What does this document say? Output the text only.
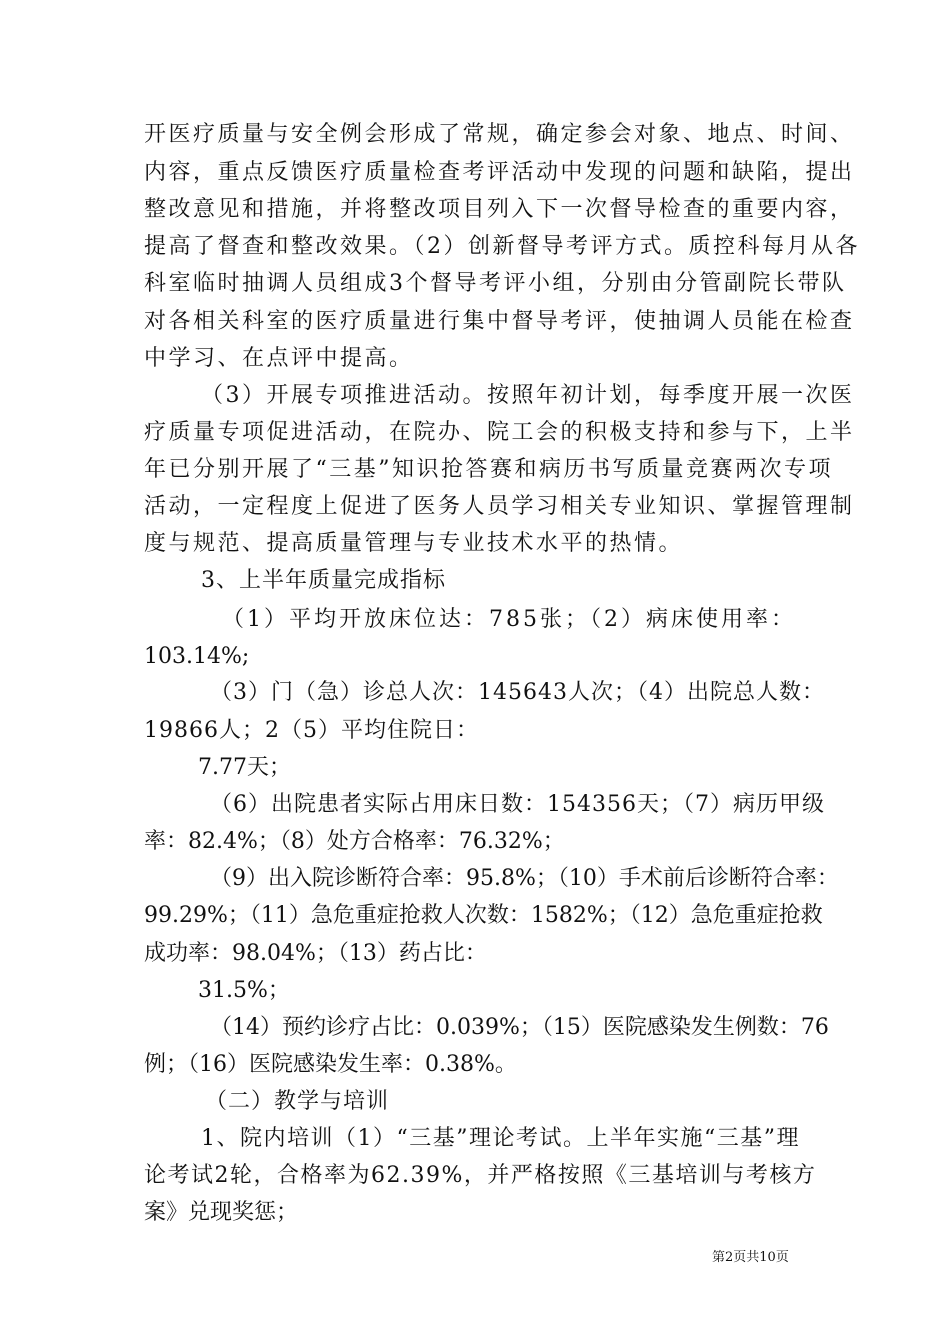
开医疗质量与安全例会形成了常规，确定参会对象、地点、时间、
内容，重点反馈医疗质量检查考评活动中发现的问题和缺陷，提出
整改意见和措施，并将整改项目列入下一次督导检查的重要内容，
提高了督查和整改效果。（2）创新督导考评方式。质控科每月从各
科室临时抽调人员组成3个督导考评小组，分别由分管副院长带队
对各相关科室的医疗质量进行集中督导考评，使抽调人员能在检查
中学习、在点评中提高。
（3）开展专项推进活动。按照年初计划，每季度开展一次医
疗质量专项促进活动，在院办、院工会的积极支持和参与下，上半
年已分别开展了“三基”知识抢答赛和病历书写质量竞赛两次专项
活动，一定程度上促进了医务人员学习相关专业知识、掌握管理制
度与规范、提高质量管理与专业技术水平的热情。
3、上半年质量完成指标
（1）平均开放床位达：785张；（2）病床使用率：
103.14%;
（3）门（急）诊总人次：145643人次；（4）出院总人数：
19866人；2（5）平均住院日：
7.77天；
（6）出院患者实际占用床日数：154356天；（7）病历甲级
率：82.4%；（8）处方合格率：76.32%；
（9）出入院诊断符合率：95.8%；（10）手术前后诊断符合率：
99.29%；（11）急危重症抢救人次数：1582%；（12）急危重症抢救
成功率：98.04%；（13）药占比：
31.5%；
（14）预约诊疗占比：0.039%；（15）医院感染发生例数：76
例；（16）医院感染发生率：0.38%。
（二）教学与培训
1、院内培训（1）“三基”理论考试。上半年实施“三基”理
论考试2轮，合格率为62.39%，并严格按照《三基培训与考核方
案》兑现奖惩；
第2页共10页
